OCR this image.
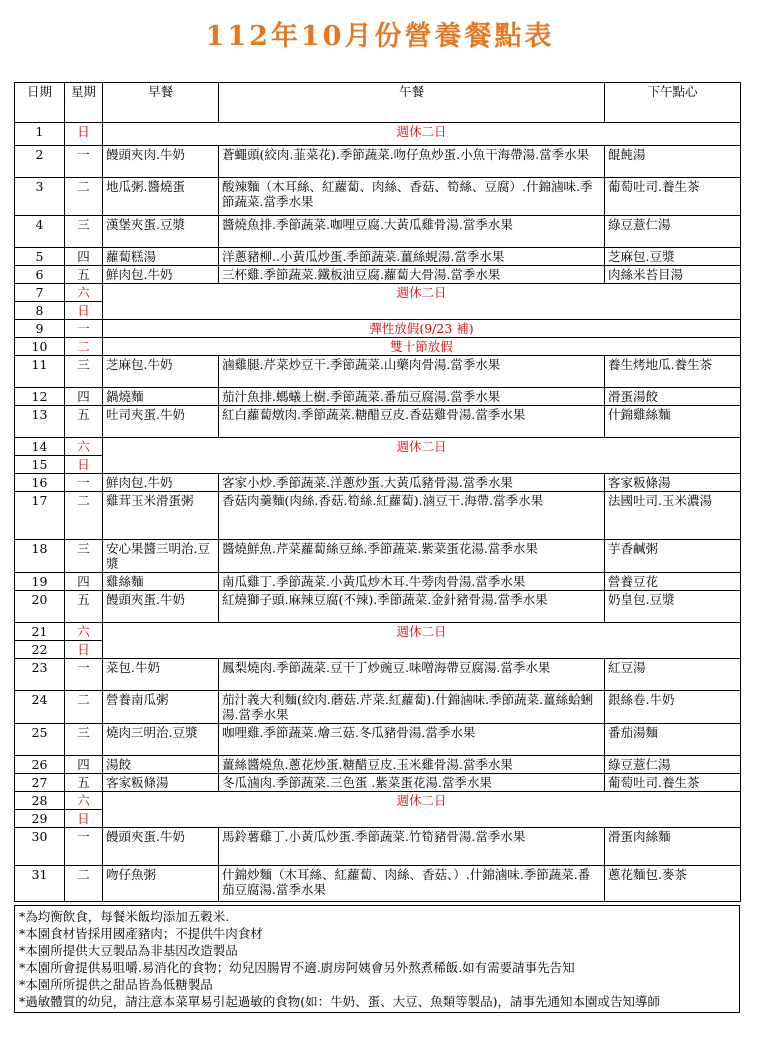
112年10月份營養餐點表
日期	星期	早餐	午餐	下午點心
1	日	週休二日		
2	一	饅頭夾肉.牛奶	蒼蠅頭(絞肉.韮菜花).季節蔬菜.吻仔魚炒蛋.小魚干海帶湯.當季水果	餛飩湯
3	二	地瓜粥.醬燒蛋	酸辣麵（木耳絲、紅蘿蔔、肉絲、香菇、筍絲、豆腐）.什錦滷味.季節蔬菜.當季水果	葡萄吐司.養生茶
4	三	漢堡夾蛋.豆漿	醬燒魚排.季節蔬菜.咖哩豆腐.大黃瓜雞骨湯.當季水果	綠豆薏仁湯
5	四	蘿蔔糕湯	洋蔥豬柳..小黃瓜炒蛋.季節蔬菜.薑絲蜆湯.當季水果	芝麻包.豆漿
6	五	鮮肉包.牛奶	三杯雞.季節蔬菜.鐵板油豆腐.蘿蔔大骨湯.當季水果	肉絲米苔目湯
7	六	週休二日		
8	日			
9	一	彈性放假(9/23 補)		
10	二	雙十節放假		
11	三	芝麻包.牛奶	滷雞腿.芹菜炒豆干.季節蔬菜.山藥肉骨湯.當季水果	養生烤地瓜.養生茶
12	四	鍋燒麵	茄汁魚排.螞蟻上樹.季節蔬菜.番茄豆腐湯.當季水果	滑蛋湯餃
13	五	吐司夾蛋.牛奶	紅白蘿蔔燉肉.季節蔬菜.糖醋豆皮.香菇雞骨湯.當季水果	什錦雞絲麵
14	六	週休二日		
15	日			
16	一	鮮肉包.牛奶	客家小炒.季節蔬菜.洋蔥炒蛋.大黃瓜豬骨湯.當季水果	客家粄條湯
17	二	雞茸玉米滑蛋粥	香菇肉羹麵(肉絲.香菇.筍絲.紅蘿蔔).滷豆干.海帶.當季水果	法國吐司.玉米濃湯
18	三	安心果醬三明治.豆漿	醬燒鮮魚.芹菜蘿蔔絲豆絲.季節蔬菜.紫菜蛋花湯.當季水果	芋香鹹粥
19	四	雞絲麵	南瓜雞丁.季節蔬菜.小黃瓜炒木耳.牛蒡肉骨湯.當季水果	營養豆花
20	五	饅頭夾蛋.牛奶	紅燒獅子頭.麻辣豆腐(不辣).季節蔬菜.金針豬骨湯.當季水果	奶皇包.豆漿
21	六	週休二日		
22	日			
23	一	菜包.牛奶	鳳梨燒肉.季節蔬菜.豆干丁炒豌豆.味噌海帶豆腐湯.當季水果	紅豆湯
24	二	營養南瓜粥	茄汁義大利麵(絞肉.蘑菇.芹菜.紅蘿蔔).什錦滷味.季節蔬菜.薑絲蛤蜊湯.當季水果	銀絲卷.牛奶
25	三	燒肉三明治.豆漿	咖哩雞.季節蔬菜.燴三菇.冬瓜豬骨湯.當季水果	番茄湯麵
26	四	湯餃	薑絲醬燒魚.蔥花炒蛋.糖醋豆皮.玉米雞骨湯.當季水果	綠豆薏仁湯
27	五	客家粄條湯	冬瓜滷肉.季節蔬菜.三色蛋 .紫菜蛋花湯.當季水果	葡萄吐司.養生茶
28	六	週休二日		
29	日			
30	一	饅頭夾蛋.牛奶	馬鈴薯雞丁.小黃瓜炒蛋.季節蔬菜.竹筍豬骨湯.當季水果	滑蛋肉絲麵
31	二	吻仔魚粥	什錦炒麵（木耳絲、紅蘿蔔、肉絲、香菇、）.什錦滷味.季節蔬菜.番茄豆腐湯.當季水果	蔥花麵包.麥茶
*為均衡飲食，每餐米飯均添加五穀米.
*本園食材皆採用國產豬肉；不提供牛肉食材
*本園所提供大豆製品為非基因改造製品
*本園所會提供易咀嚼.易消化的食物；幼兒因腸胃不適.廚房阿姨會另外熬煮稀飯.如有需要請事先告知
*本園所所提供之甜品皆為低糖製品
*過敏體質的幼兒，請注意本菜單易引起過敏的食物(如：牛奶、蛋、大豆、魚類等製品)，請事先通知本園或告知導師
